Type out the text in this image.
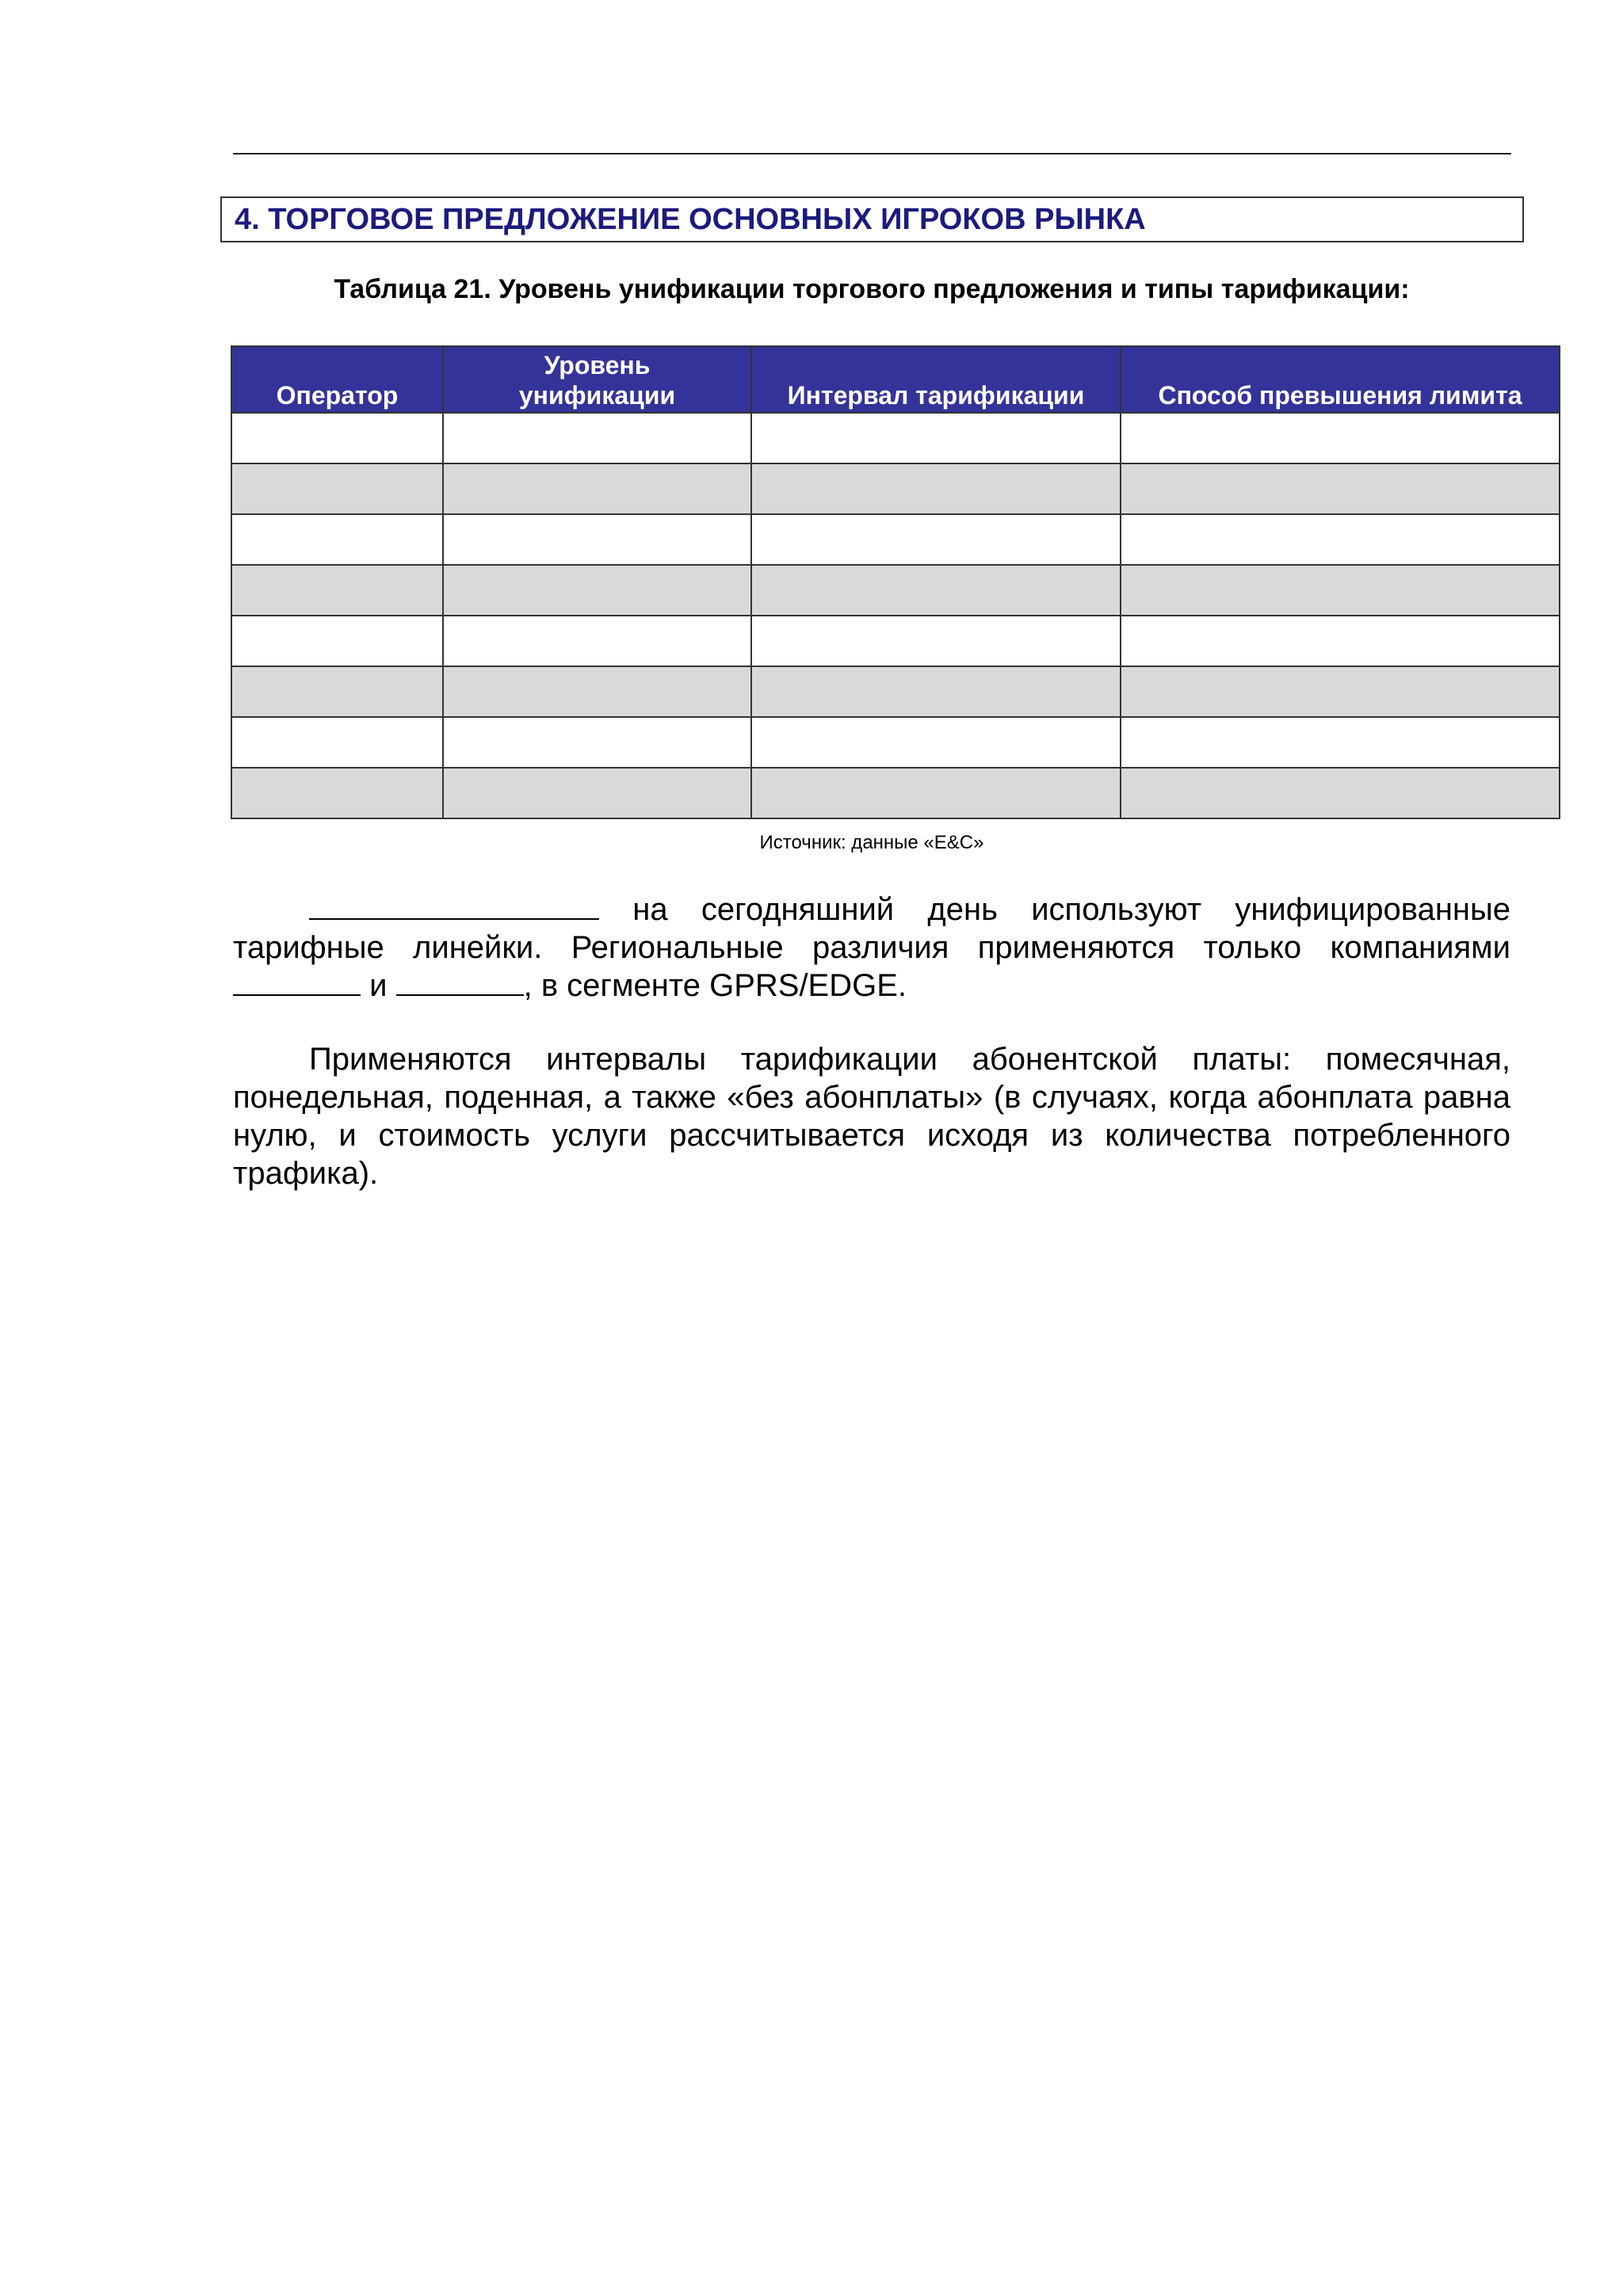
4. ТОРГОВОЕ ПРЕДЛОЖЕНИЕ ОСНОВНЫХ ИГРОКОВ РЫНКА
Таблица 21. Уровень унификации торгового предложения и типы тарификации:
Оператор	Уровень унификации	Интервал тарификации	Способ превышения лимита

Источник: данные «E&C»
на сегодняшний день используют унифицированные тарифные линейки. Региональные различия применяются только компаниями  и	, в сегменте GPRS/EDGE.
Применяются интервалы тарификации абонентской платы: помесячная, понедельная, поденная, а также «без абонплаты» (в случаях, когда абонплата равна нулю, и стоимость услуги рассчитывается исходя из количества потребленного трафика).
